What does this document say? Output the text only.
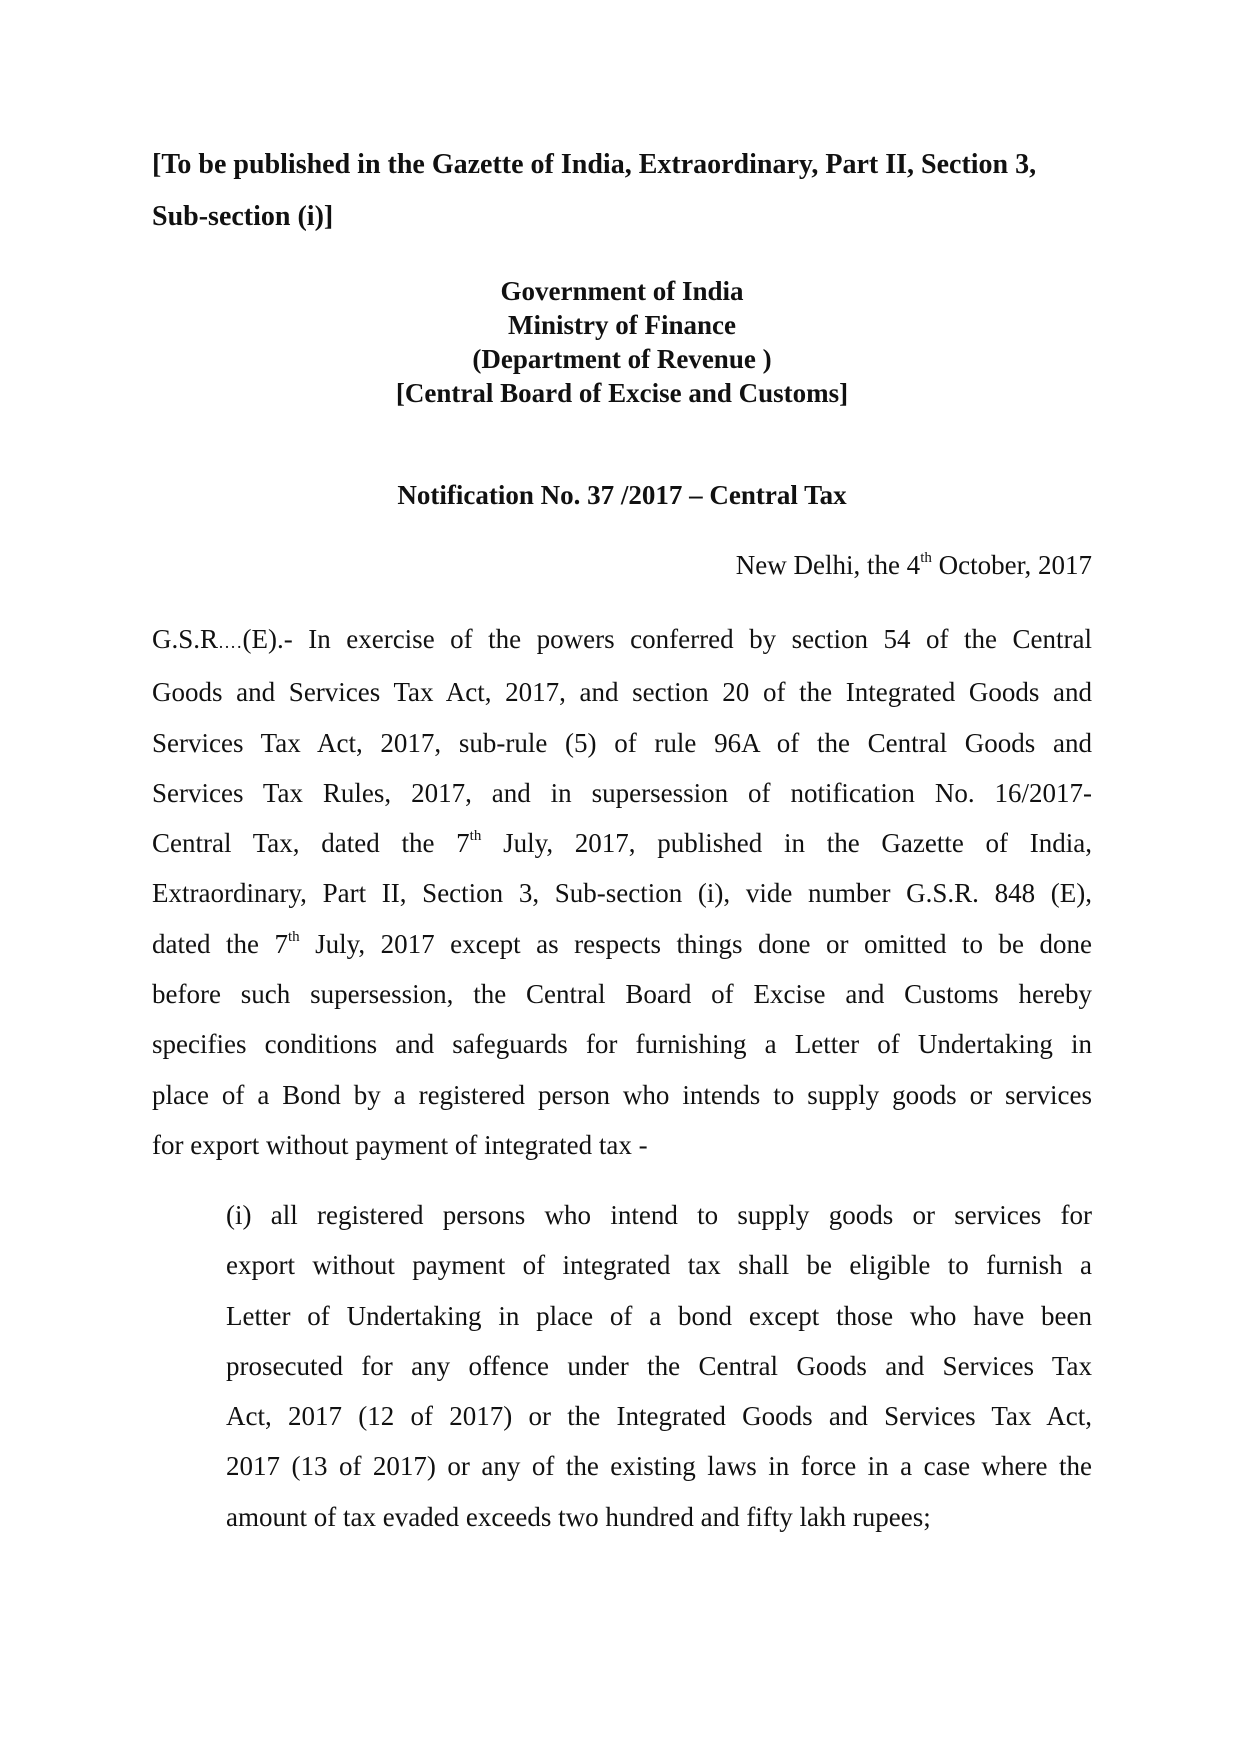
[To be published in the Gazette of India, Extraordinary, Part II, Section 3,
Sub-section (i)]
Government of India
Ministry of Finance
(Department of Revenue )
[Central Board of Excise and Customs]
Notification No. 37 /2017 – Central Tax
New Delhi, the 4th October, 2017
G.S.R….(E).- In exercise of the powers conferred by section 54 of the Central
Goods and Services Tax Act, 2017, and section 20 of the Integrated Goods and
Services Tax Act, 2017, sub-rule (5) of rule 96A of the Central Goods and
Services Tax Rules, 2017, and in supersession of notification No. 16/2017-
Central Tax, dated the 7th July, 2017, published in the Gazette of India,
Extraordinary, Part II, Section 3, Sub-section (i), vide number G.S.R. 848 (E),
dated the 7th July, 2017 except as respects things done or omitted to be done
before such supersession, the Central Board of Excise and Customs hereby
specifies conditions and safeguards for furnishing a Letter of Undertaking in
place of a Bond by a registered person who intends to supply goods or services
for export without payment of integrated tax -
(i) all registered persons who intend to supply goods or services for
export without payment of integrated tax shall be eligible to furnish a
Letter of Undertaking in place of a bond except those who have been
prosecuted for any offence under the Central Goods and Services Tax
Act, 2017 (12 of 2017) or the Integrated Goods and Services Tax Act,
2017 (13 of 2017) or any of the existing laws in force in a case where the
amount of tax evaded exceeds two hundred and fifty lakh rupees;
